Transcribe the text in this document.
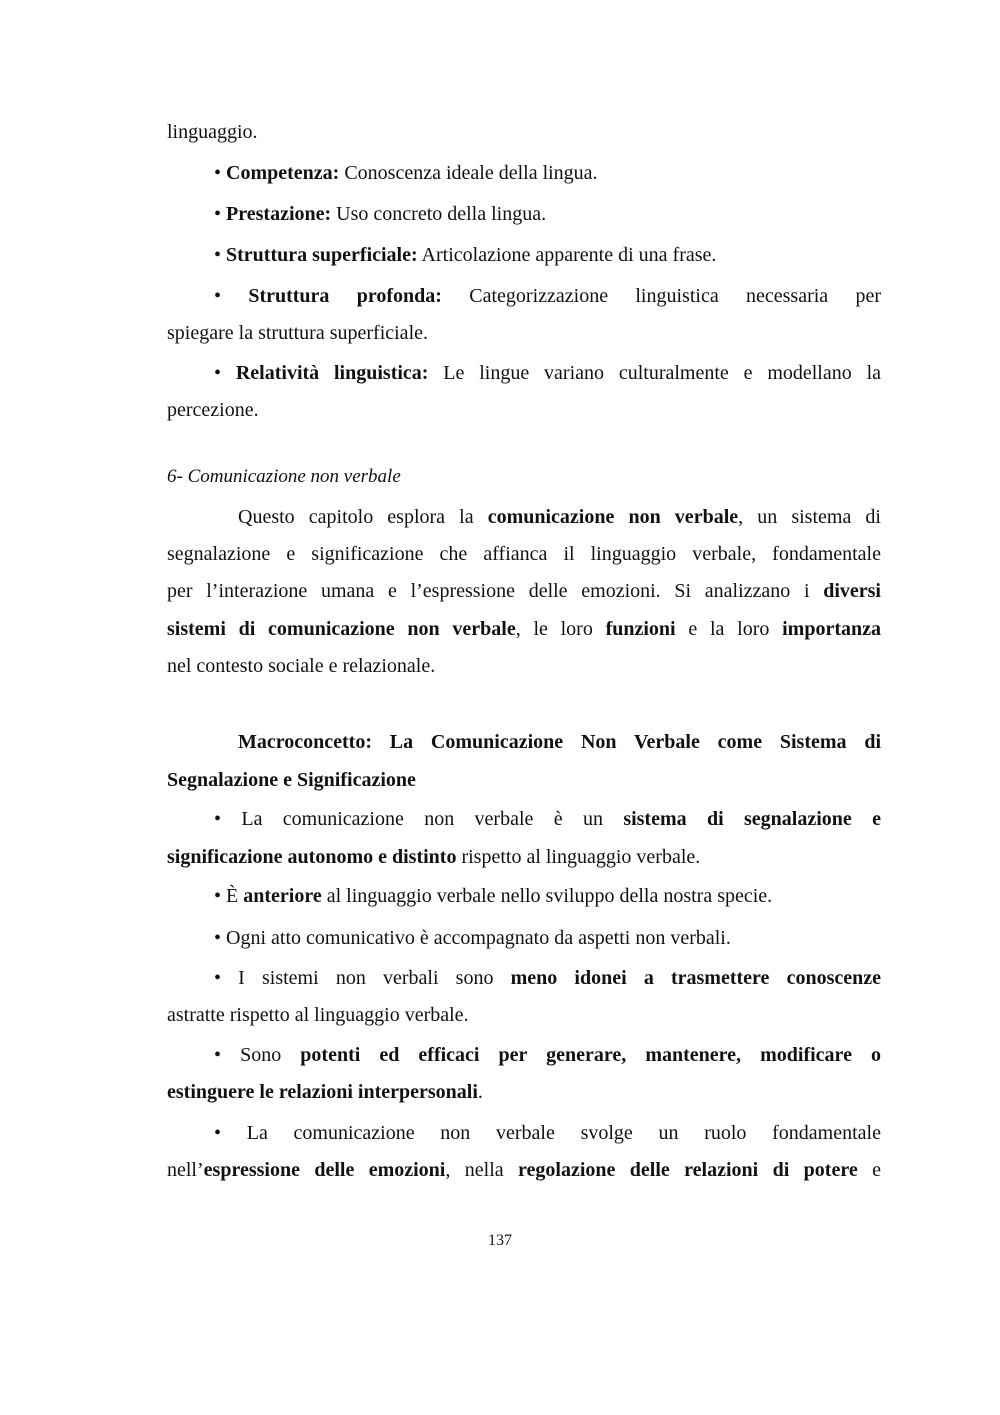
linguaggio.
• Competenza: Conoscenza ideale della lingua.
• Prestazione: Uso concreto della lingua.
• Struttura superficiale: Articolazione apparente di una frase.
• Struttura profonda: Categorizzazione linguistica necessaria per
spiegare la struttura superficiale.
• Relatività linguistica: Le lingue variano culturalmente e modellano la
percezione.
6- Comunicazione non verbale
Questo capitolo esplora la comunicazione non verbale, un sistema di
segnalazione e significazione che affianca il linguaggio verbale, fondamentale
per l’interazione umana e l’espressione delle emozioni. Si analizzano i diversi
sistemi di comunicazione non verbale, le loro funzioni e la loro importanza
nel contesto sociale e relazionale.
Macroconcetto: La Comunicazione Non Verbale come Sistema di
Segnalazione e Significazione
• La comunicazione non verbale è un sistema di segnalazione e
significazione autonomo e distinto rispetto al linguaggio verbale.
• È anteriore al linguaggio verbale nello sviluppo della nostra specie.
• Ogni atto comunicativo è accompagnato da aspetti non verbali.
• I sistemi non verbali sono meno idonei a trasmettere conoscenze
astratte rispetto al linguaggio verbale.
• Sono potenti ed efficaci per generare, mantenere, modificare o
estinguere le relazioni interpersonali.
• La comunicazione non verbale svolge un ruolo fondamentale
nell’espressione delle emozioni, nella regolazione delle relazioni di potere e
137
